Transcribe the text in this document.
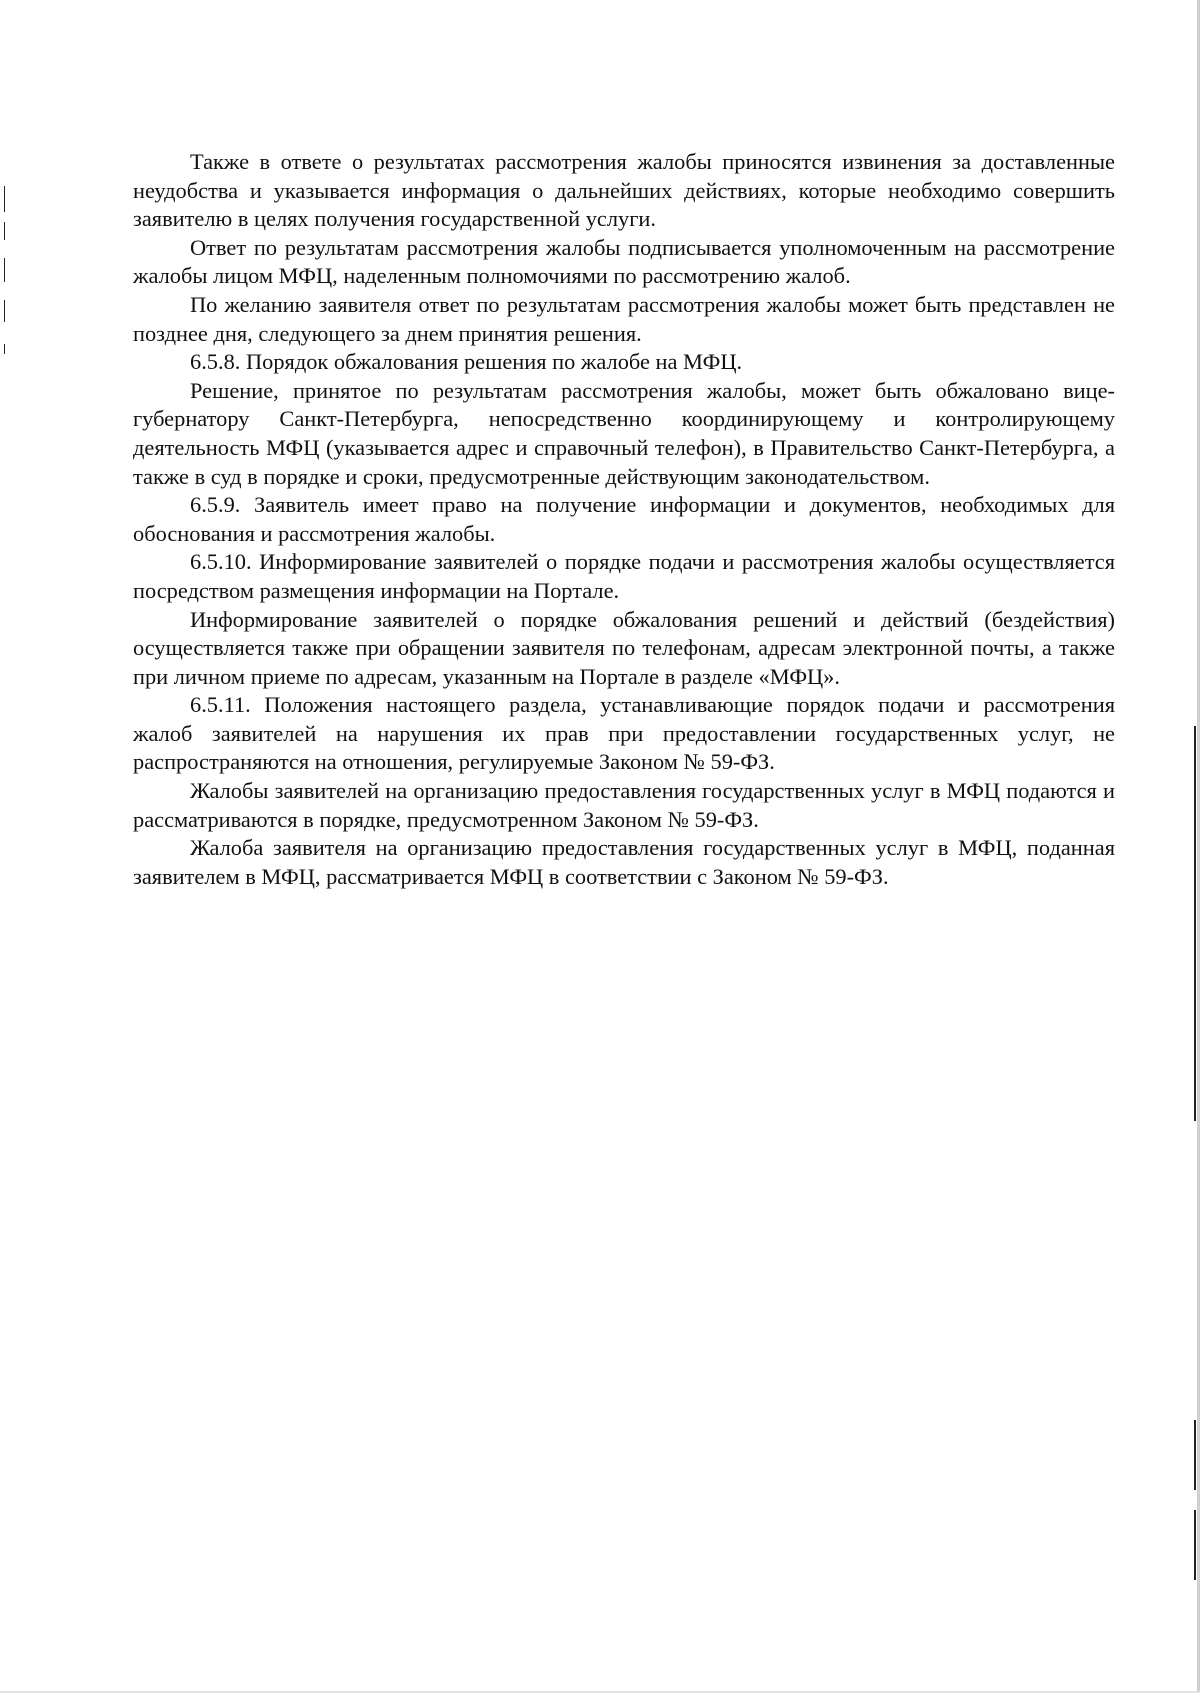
Также в ответе о результатах рассмотрения жалобы приносятся извинения за доставленные неудобства и указывается информация о дальнейших действиях, которые необходимо совершить заявителю в целях получения государственной услуги.

Ответ по результатам рассмотрения жалобы подписывается уполномоченным на рассмотрение жалобы лицом МФЦ, наделенным полномочиями по рассмотрению жалоб.

По желанию заявителя ответ по результатам рассмотрения жалобы может быть представлен не позднее дня, следующего за днем принятия решения.

6.5.8. Порядок обжалования решения по жалобе на МФЦ.

Решение, принятое по результатам рассмотрения жалобы, может быть обжаловано вице-губернатору Санкт-Петербурга, непосредственно координирующему и контролирующему деятельность МФЦ (указывается адрес и справочный телефон), в Правительство Санкт-Петербурга, а также в суд в порядке и сроки, предусмотренные действующим законодательством.

6.5.9. Заявитель имеет право на получение информации и документов, необходимых для обоснования и рассмотрения жалобы.

6.5.10. Информирование заявителей о порядке подачи и рассмотрения жалобы осуществляется посредством размещения информации на Портале.

Информирование заявителей о порядке обжалования решений и действий (бездействия) осуществляется также при обращении заявителя по телефонам, адресам электронной почты, а также при личном приеме по адресам, указанным на Портале в разделе «МФЦ».

6.5.11. Положения настоящего раздела, устанавливающие порядок подачи и рассмотрения жалоб заявителей на нарушения их прав при предоставлении государственных услуг, не распространяются на отношения, регулируемые Законом № 59-ФЗ.

Жалобы заявителей на организацию предоставления государственных услуг в МФЦ подаются и рассматриваются в порядке, предусмотренном Законом № 59-ФЗ.

Жалоба заявителя на организацию предоставления государственных услуг в МФЦ, поданная заявителем в МФЦ, рассматривается МФЦ в соответствии с Законом № 59-ФЗ.
